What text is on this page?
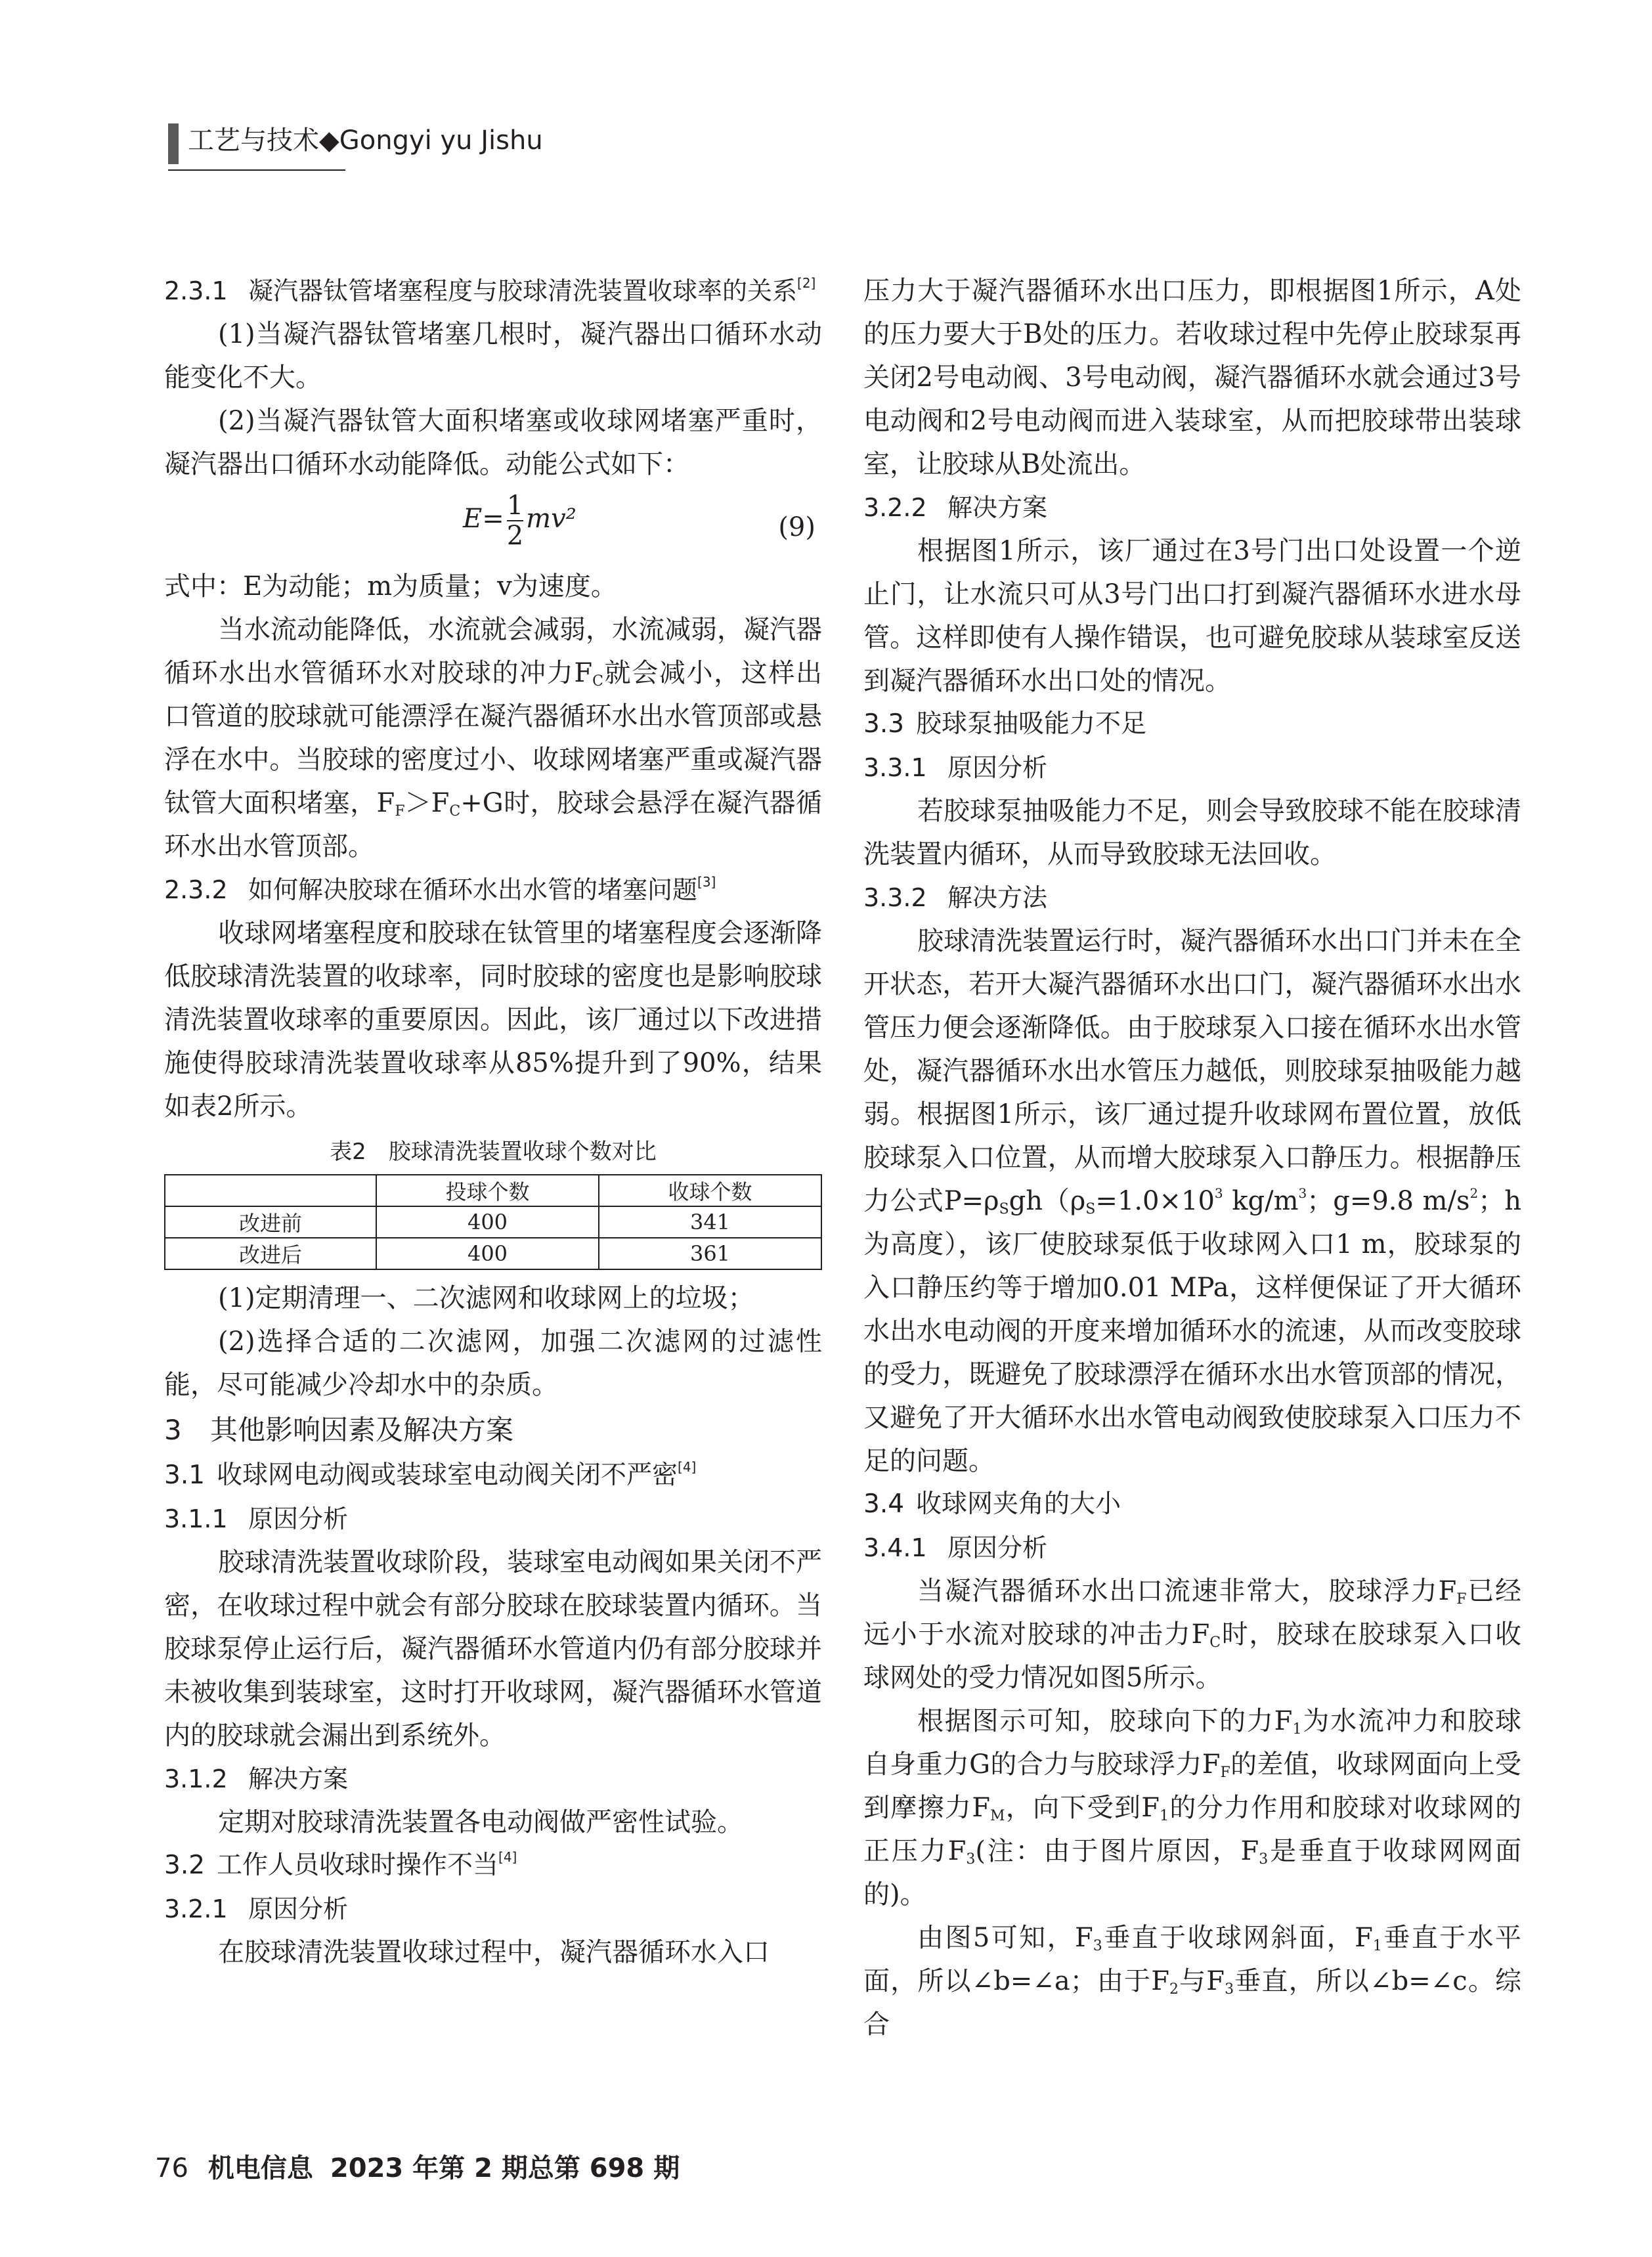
工艺与技术◆Gongyi yu Jishu

2.3.1 凝汽器钛管堵塞程度与胶球清洗装置收球率的关系[2]

(1)当凝汽器钛管堵塞几根时，凝汽器出口循环水动能变化不大。

(2)当凝汽器钛管大面积堵塞或收球网堵塞严重时，凝汽器出口循环水动能降低。动能公式如下：

$E= \frac{1}{2} mv^2$	(9)

式中：E为动能；m为质量；v为速度。

当水流动能降低，水流就会减弱，水流减弱，凝汽器循环水出水管循环水对胶球的冲力$F_C$就会减小，这样出口管道的胶球就可能漂浮在凝汽器循环水出水管顶部或悬浮在水中。当胶球的密度过小、收球网堵塞严重或凝汽器钛管大面积堵塞，$F_F>F_C+G$时，胶球会悬浮在凝汽器循环水出水管顶部。

2.3.2 如何解决胶球在循环水出水管的堵塞问题[3]

收球网堵塞程度和胶球在钛管里的堵塞程度会逐渐降低胶球清洗装置的收球率，同时胶球的密度也是影响胶球清洗装置收球率的重要原因。因此，该厂通过以下改进措施使得胶球清洗装置收球率从85%提升到了90%，结果如表2所示。

表2　胶球清洗装置收球个数对比
	投球个数	收球个数
改进前	400	341
改进后	400	361

(1)定期清理一、二次滤网和收球网上的垃圾；

(2)选择合适的二次滤网，加强二次滤网的过滤性能，尽可能减少冷却水中的杂质。

3 其他影响因素及解决方案

3.1 收球网电动阀或装球室电动阀关闭不严密[4]

3.1.1 原因分析

胶球清洗装置收球阶段，装球室电动阀如果关闭不严密，在收球过程中就会有部分胶球在胶球装置内循环。当胶球泵停止运行后，凝汽器循环水管道内仍有部分胶球并未被收集到装球室，这时打开收球网，凝汽器循环水管道内的胶球就会漏出到系统外。

3.1.2 解决方案

定期对胶球清洗装置各电动阀做严密性试验。

3.2 工作人员收球时操作不当[4]

3.2.1 原因分析

在胶球清洗装置收球过程中，凝汽器循环水入口

压力大于凝汽器循环水出口压力，即根据图1所示，A处的压力要大于B处的压力。若收球过程中先停止胶球泵再关闭2号电动阀、3号电动阀，凝汽器循环水就会通过3号电动阀和2号电动阀而进入装球室，从而把胶球带出装球室，让胶球从B处流出。

3.2.2 解决方案

根据图1所示，该厂通过在3号门出口处设置一个逆止门，让水流只可从3号门出口打到凝汽器循环水进水母管。这样即使有人操作错误，也可避免胶球从装球室反送到凝汽器循环水出口处的情况。

3.3 胶球泵抽吸能力不足

3.3.1 原因分析

若胶球泵抽吸能力不足，则会导致胶球不能在胶球清洗装置内循环，从而导致胶球无法回收。

3.3.2 解决方法

胶球清洗装置运行时，凝汽器循环水出口门并未在全开状态，若开大凝汽器循环水出口门，凝汽器循环水出水管压力便会逐渐降低。由于胶球泵入口接在循环水出水管处，凝汽器循环水出水管压力越低，则胶球泵抽吸能力越弱。根据图1所示，该厂通过提升收球网布置位置，放低胶球泵入口位置，从而增大胶球泵入口静压力。根据静压力公式$P=\rho_Sgh(\rho_S=1.0\times 10^3$ $kg/m^3$；g=9.8 $m/s^2$；h为高度），该厂使胶球泵低于收球网入口1 m，胶球泵的入口静压约等于增加0.01 MPa，这样便保证了开大循环水出水电动阀的开度来增加循环水的流速，从而改变胶球的受力，既避免了胶球漂浮在循环水出水管顶部的情况，又避免了开大循环水出水管电动阀致使胶球泵入口压力不足的问题。

3.4 收球网夹角的大小

3.4.1 原因分析

当凝汽器循环水出口流速非常大，胶球浮力$F_F$已经远小于水流对胶球的冲击力$F_C$时，胶球在胶球泵入口收球网处的受力情况如图5所示。

根据图示可知，胶球向下的力$F_1$为水流冲力和胶球自身重力G的合力与胶球浮力$F_F$的差值，收球网面向上受到摩擦力$F_M$，向下受到$F_1$的分力作用和胶球对收球网的正压力$F_3$(注：由于图片原因，$F_3$是垂直于收球网网面的)。

由图5可知，$F_3$垂直于收球网斜面，$F_1$垂直于水平面，所以∠b=∠a；由于$F_2$与$F_3$垂直，所以∠b=∠c。综合

76 机电信息 2023 年第 2 期总第 698 期
